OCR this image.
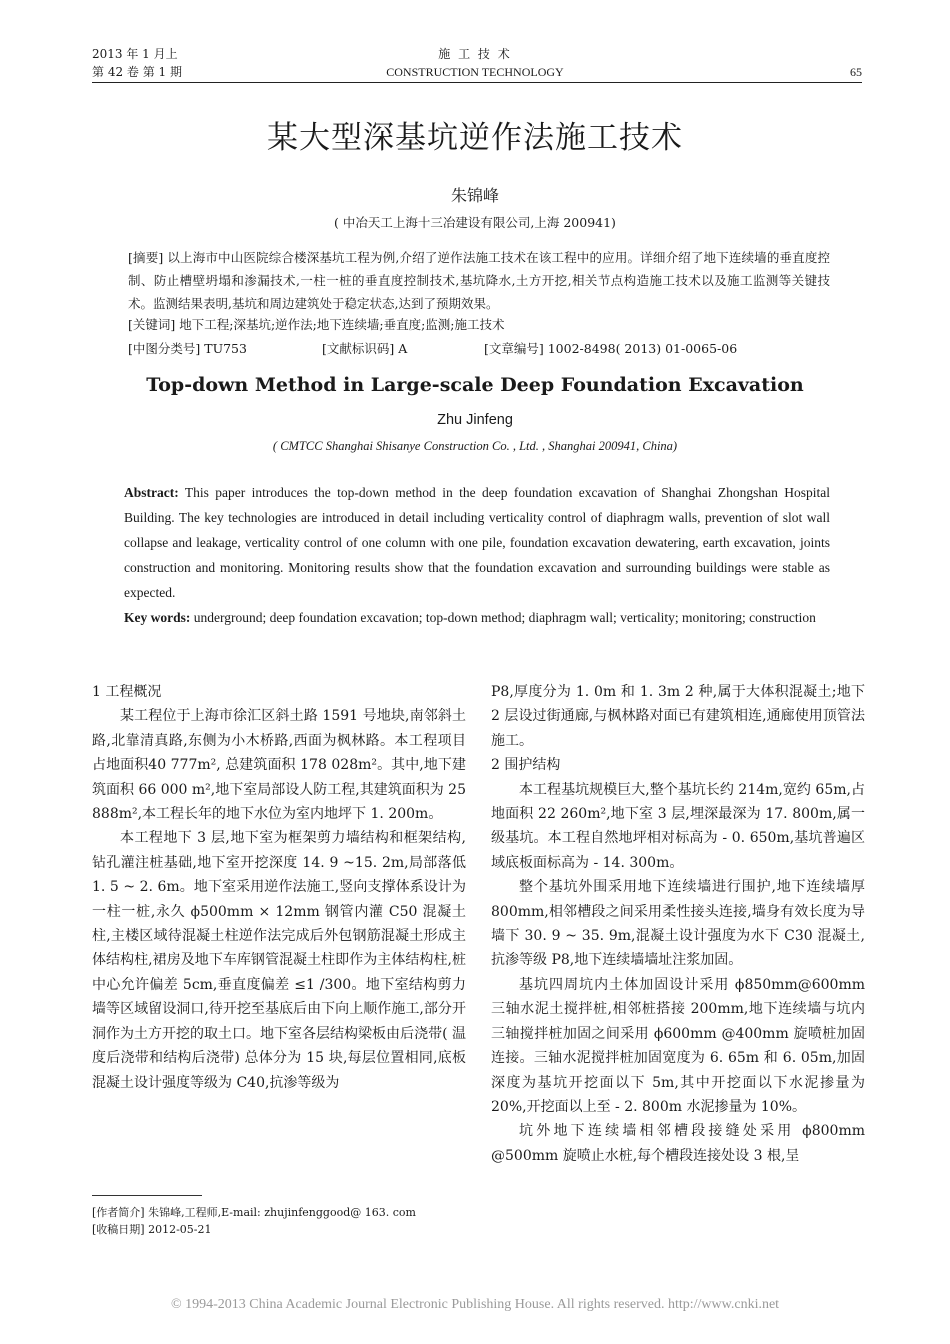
2013 年 1 月上
第 42 卷 第 1 期
施 工 技 术
CONSTRUCTION TECHNOLOGY	65
某大型深基坑逆作法施工技术
朱锦峰
( 中冶天工上海十三冶建设有限公司,上海 200941)
[摘要] 以上海市中山医院综合楼深基坑工程为例,介绍了逆作法施工技术在该工程中的应用。详细介绍了地下连续墙的垂直度控制、防止槽壁坍塌和渗漏技术,一柱一桩的垂直度控制技术,基坑降水,土方开挖,相关节点构造施工技术以及施工监测等关键技术。监测结果表明,基坑和周边建筑处于稳定状态,达到了预期效果。
[关键词] 地下工程;深基坑;逆作法;地下连续墙;垂直度;监测;施工技术
[中图分类号] TU753	[文献标识码] A	[文章编号] 1002-8498( 2013) 01-0065-06
Top-down Method in Large-scale Deep Foundation Excavation
Zhu Jinfeng
( CMTCC Shanghai Shisanye Construction Co. , Ltd. , Shanghai 200941, China)
Abstract: This paper introduces the top-down method in the deep foundation excavation of Shanghai Zhongshan Hospital Building. The key technologies are introduced in detail including verticality control of diaphragm walls, prevention of slot wall collapse and leakage, verticality control of one column with one pile, foundation excavation dewatering, earth excavation, joints construction and monitoring. Monitoring results show that the foundation excavation and surrounding buildings were stable as expected.
Key words: underground; deep foundation excavation; top-down method; diaphragm wall; verticality; monitoring; construction
1 工程概况

某工程位于上海市徐汇区斜土路 1591 号地块,南邻斜土路,北靠清真路,东侧为小木桥路,西面为枫林路。本工程项目占地面积40 777m², 总建筑面积 178 028m²。其中,地下建筑面积 66 000 m²,地下室局部设人防工程,其建筑面积为 25 888m²,本工程长年的地下水位为室内地坪下 1. 200m。

本工程地下 3 层,地下室为框架剪力墙结构和框架结构,钻孔灌注桩基础,地下室开挖深度 14. 9 ~15. 2m,局部落低 1. 5 ~ 2. 6m。地下室采用逆作法施工,竖向支撑体系设计为一柱一桩,永久 ϕ500mm × 12mm 钢管内灌 C50 混凝土柱,主楼区域待混凝土柱逆作法完成后外包钢筋混凝土形成主体结构柱,裙房及地下车库钢管混凝土柱即作为主体结构柱,桩中心允许偏差 5cm,垂直度偏差 ≤1 /300。地下室结构剪力墙等区域留设洞口,待开挖至基底后由下向上顺作施工,部分开洞作为土方开挖的取土口。地下室各层结构梁板由后浇带( 温度后浇带和结构后浇带) 总体分为 15 块,每层位置相同,底板混凝土设计强度等级为 C40,抗渗等级为

P8,厚度分为 1. 0m 和 1. 3m 2 种,属于大体积混凝土;地下 2 层设过街通廊,与枫林路对面已有建筑相连,通廊使用顶管法施工。

2 围护结构

本工程基坑规模巨大,整个基坑长约 214m,宽约 65m,占地面积 22 260m²,地下室 3 层,埋深最深为 17. 800m,属一级基坑。本工程自然地坪相对标高为 - 0. 650m,基坑普遍区域底板面标高为 - 14. 300m。

整个基坑外围采用地下连续墙进行围护,地下连续墙厚 800mm,相邻槽段之间采用柔性接头连接,墙身有效长度为导墙下 30. 9 ~ 35. 9m,混凝土设计强度为水下 C30 混凝土,抗渗等级 P8,地下连续墙墙址注浆加固。

基坑四周坑内土体加固设计采用 ϕ850mm@600mm 三轴水泥土搅拌桩,相邻桩搭接 200mm,地下连续墙与坑内三轴搅拌桩加固之间采用 ϕ600mm @400mm 旋喷桩加固连接。三轴水泥搅拌桩加固宽度为 6. 65m 和 6. 05m,加固深度为基坑开挖面以下 5m,其中开挖面以下水泥掺量为 20%,开挖面以上至 - 2. 800m 水泥掺量为 10%。

坑外地下连续墙相邻槽段接缝处采用 ϕ800mm @500mm 旋喷止水桩,每个槽段连接处设 3 根,呈

[作者简介] 朱锦峰,工程师,E-mail: zhujinfenggood@ 163. com
[收稿日期] 2012-05-21
© 1994-2013 China Academic Journal Electronic Publishing House. All rights reserved. http://www.cnki.net
